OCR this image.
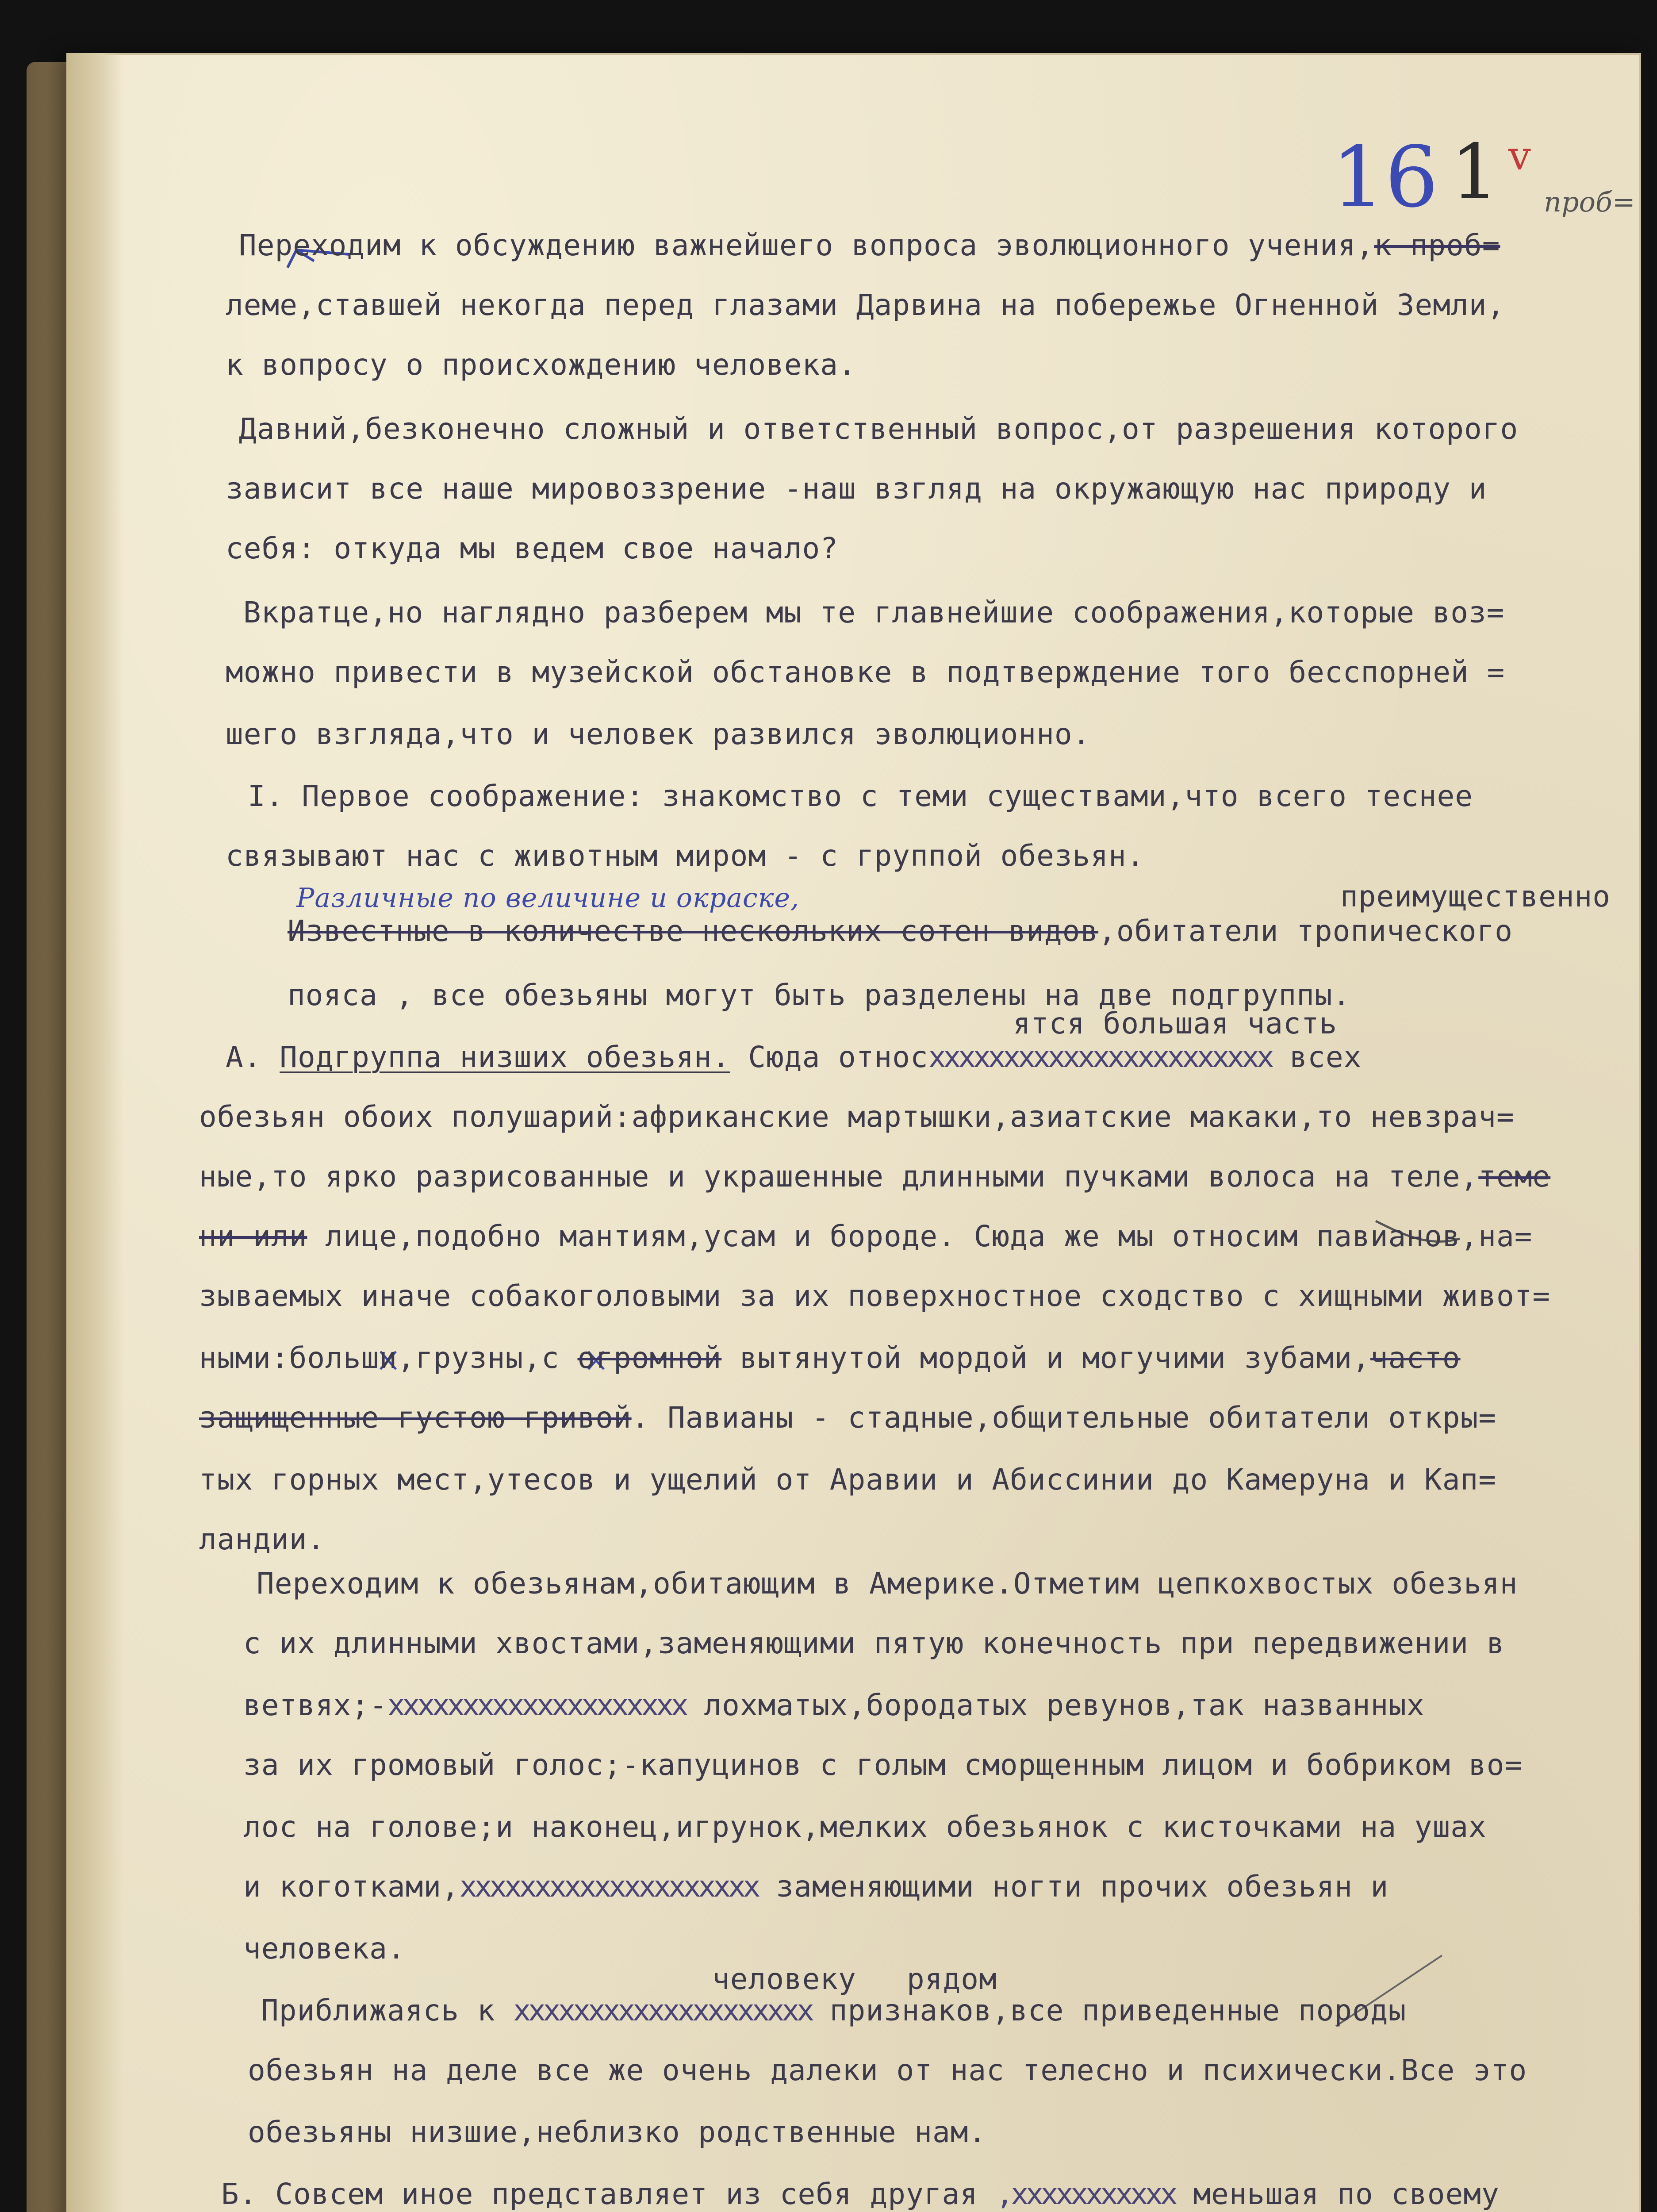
16 1 v
проб=
Переходим к обсуждению важнейшего вопроса эволюционного учения,к проб=
леме,ставшей некогда перед глазами Дарвина на побережье Огненной Земли,
к вопросу о происхождению человека.
Давний,безконечно сложный и ответственный вопрос,от разрешения которого
зависит все наше мировоззрение -наш взгляд на окружающую нас природу и
себя: откуда мы ведем свое начало?
Вкратце,но наглядно разберем мы те главнейшие соображения,которые воз=
можно привести в музейской обстановке в подтверждение того бесспорней =
шего взгляда,что и человек развился эволюционно.
I. Первое соображение: знакомство с теми существами,что всего теснее
связывают нас с животным миром - с группой обезьян.
Различные по величине и окраске,	преимущественно
Известные в количестве нескольких сотен видов,обитатели тропического
пояса , все обезьяны могут быть разделены на две подгруппы.
ятся большая часть
А. Подгруппа низших обезьян. Сюда относххххххххххххххххххххххх всех
обезьян обоих полушарий:африканские мартышки,азиатские макаки,то невзрач=
ные,то ярко разрисованные и украшенные длинными пучками волоса на теле,теме
ни или лице,подобно мантиям,усам и бороде. Сюда же мы относим павианов,на=
зываемых иначе собакоголовыми за их поверхностное сходство с хищными живот=
ными:больши,грузны,с огромной вытянутой мордой и могучими зубами,часто
защищенные густою гривой. Павианы - стадные,общительные обитатели откры=
тых горных мест,утесов и ущелий от Аравии и Абиссинии до Камеруна и Кап=
ландии.
Переходим к обезьянам,обитающим в Америке.Отметим цепкохвостых обезьян
с их длинными хвостами,заменяющими пятую конечность при передвижении в
ветвях;-хххххххххххххххххххх лохматых,бородатых ревунов,так названных
за их громовый голос;-капуцинов с голым сморщенным лицом и бобриком во=
лос на голове;и наконец,игрунок,мелких обезьянок с кисточками на ушах
и коготками,хххххххххххххххххххх заменяющими ногти прочих обезьян и
человека.
человеку рядом
Приближаясь к хххххххххххххххххххх признаков,все приведенные породы
обезьян на деле все же очень далеки от нас телесно и психически.Все это
обезьяны низшие,неблизко родственные нам.
Б. Совсем иное представляет из себя другая ,ххххххххххх меньшая по своему
